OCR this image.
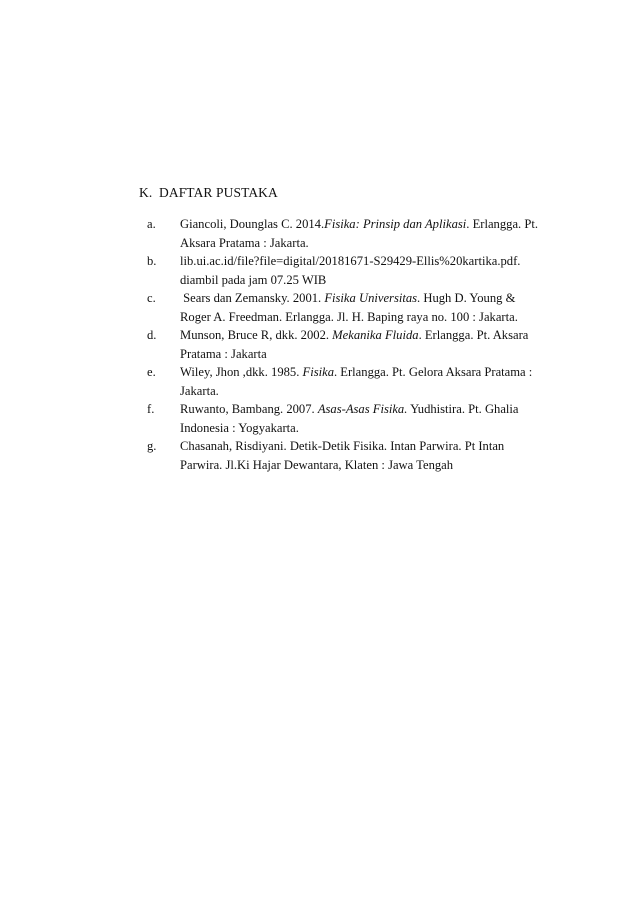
K. DAFTAR PUSTAKA
a.	Giancoli, Dounglas C. 2014.Fisika: Prinsip dan Aplikasi. Erlangga. Pt.
Aksara Pratama : Jakarta.
b.	lib.ui.ac.id/file?file=digital/20181671-S29429-Ellis%20kartika.pdf.
diambil pada jam 07.25 WIB
c.	Sears dan Zemansky. 2001. Fisika Universitas. Hugh D. Young &
Roger A. Freedman. Erlangga. Jl. H. Baping raya no. 100 : Jakarta.
d.	Munson, Bruce R, dkk. 2002. Mekanika Fluida. Erlangga. Pt. Aksara
Pratama : Jakarta
e.	Wiley, Jhon ,dkk. 1985. Fisika. Erlangga. Pt. Gelora Aksara Pratama :
Jakarta.
f.	Ruwanto, Bambang. 2007. Asas-Asas Fisika. Yudhistira. Pt. Ghalia
Indonesia : Yogyakarta.
g.	Chasanah, Risdiyani. Detik-Detik Fisika. Intan Parwira. Pt Intan
Parwira. Jl.Ki Hajar Dewantara, Klaten : Jawa Tengah
